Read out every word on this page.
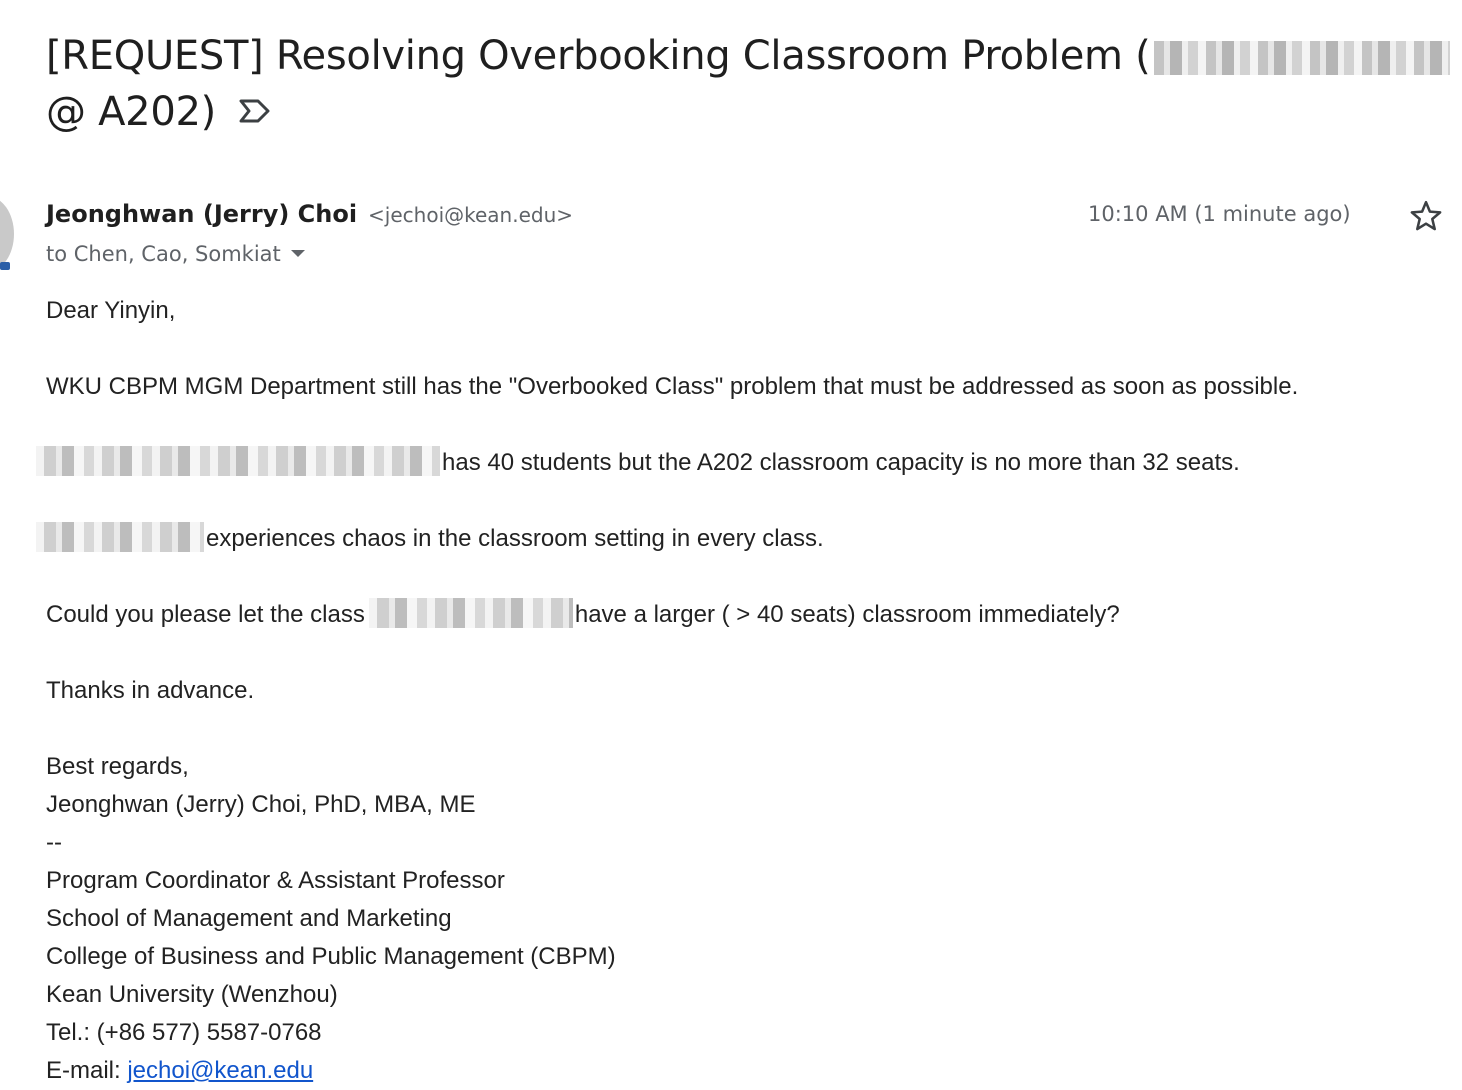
[REQUEST] Resolving Overbooking Classroom Problem (
@ A202)
Jeonghwan (Jerry) Choi <jechoi@kean.edu>
to Chen, Cao, Somkiat
10:10 AM (1 minute ago)

Dear Yinyin,

WKU CBPM MGM Department still has the "Overbooked Class" problem that must be addressed as soon as possible.

has 40 students but the A202 classroom capacity is no more than 32 seats.

experiences chaos in the classroom setting in every class.

Could you please let the class	have a larger ( > 40 seats) classroom immediately?

Thanks in advance.

Best regards,

Jeonghwan (Jerry) Choi, PhD, MBA, ME

--

Program Coordinator & Assistant Professor

School of Management and Marketing

College of Business and Public Management (CBPM)

Kean University (Wenzhou)

Tel.: (+86 577) 5587-0768

E-mail: jechoi@kean.edu
